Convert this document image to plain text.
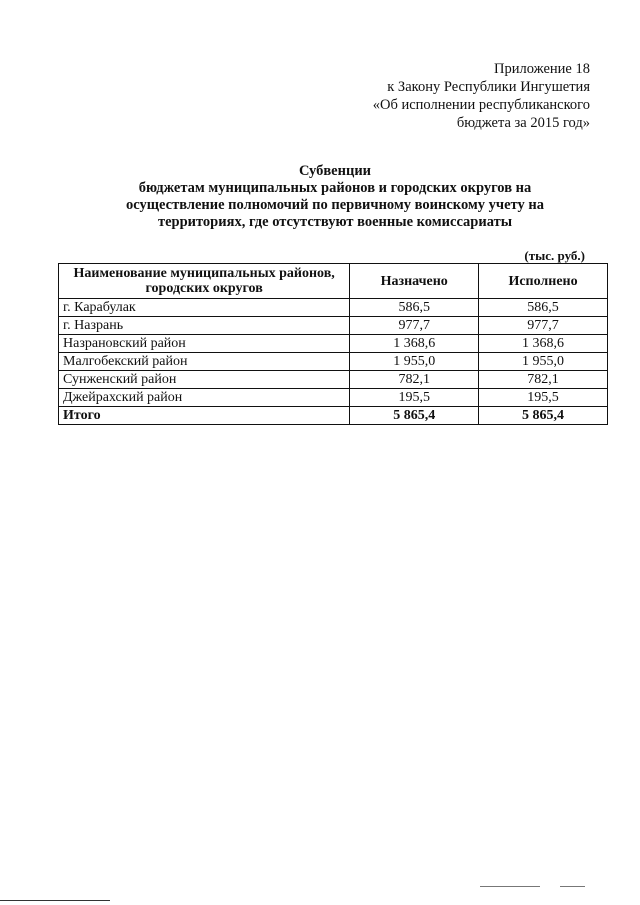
Приложение 18
к Закону Республики Ингушетия
«Об исполнении республиканского
бюджета за 2015 год»
Субвенции
бюджетам муниципальных районов и городских округов на
осуществление полномочий по первичному воинскому учету на
территориях, где отсутствуют военные комиссариаты
(тыс. руб.)
Наименование муниципальных районов,
городских округов	Назначено	Исполнено
г. Карабулак	586,5	586,5
г. Назрань	977,7	977,7
Назрановский район	1 368,6	1 368,6
Малгобекский район	1 955,0	1 955,0
Сунженский район	782,1	782,1
Джейрахский район	195,5	195,5
Итого	5 865,4	5 865,4
